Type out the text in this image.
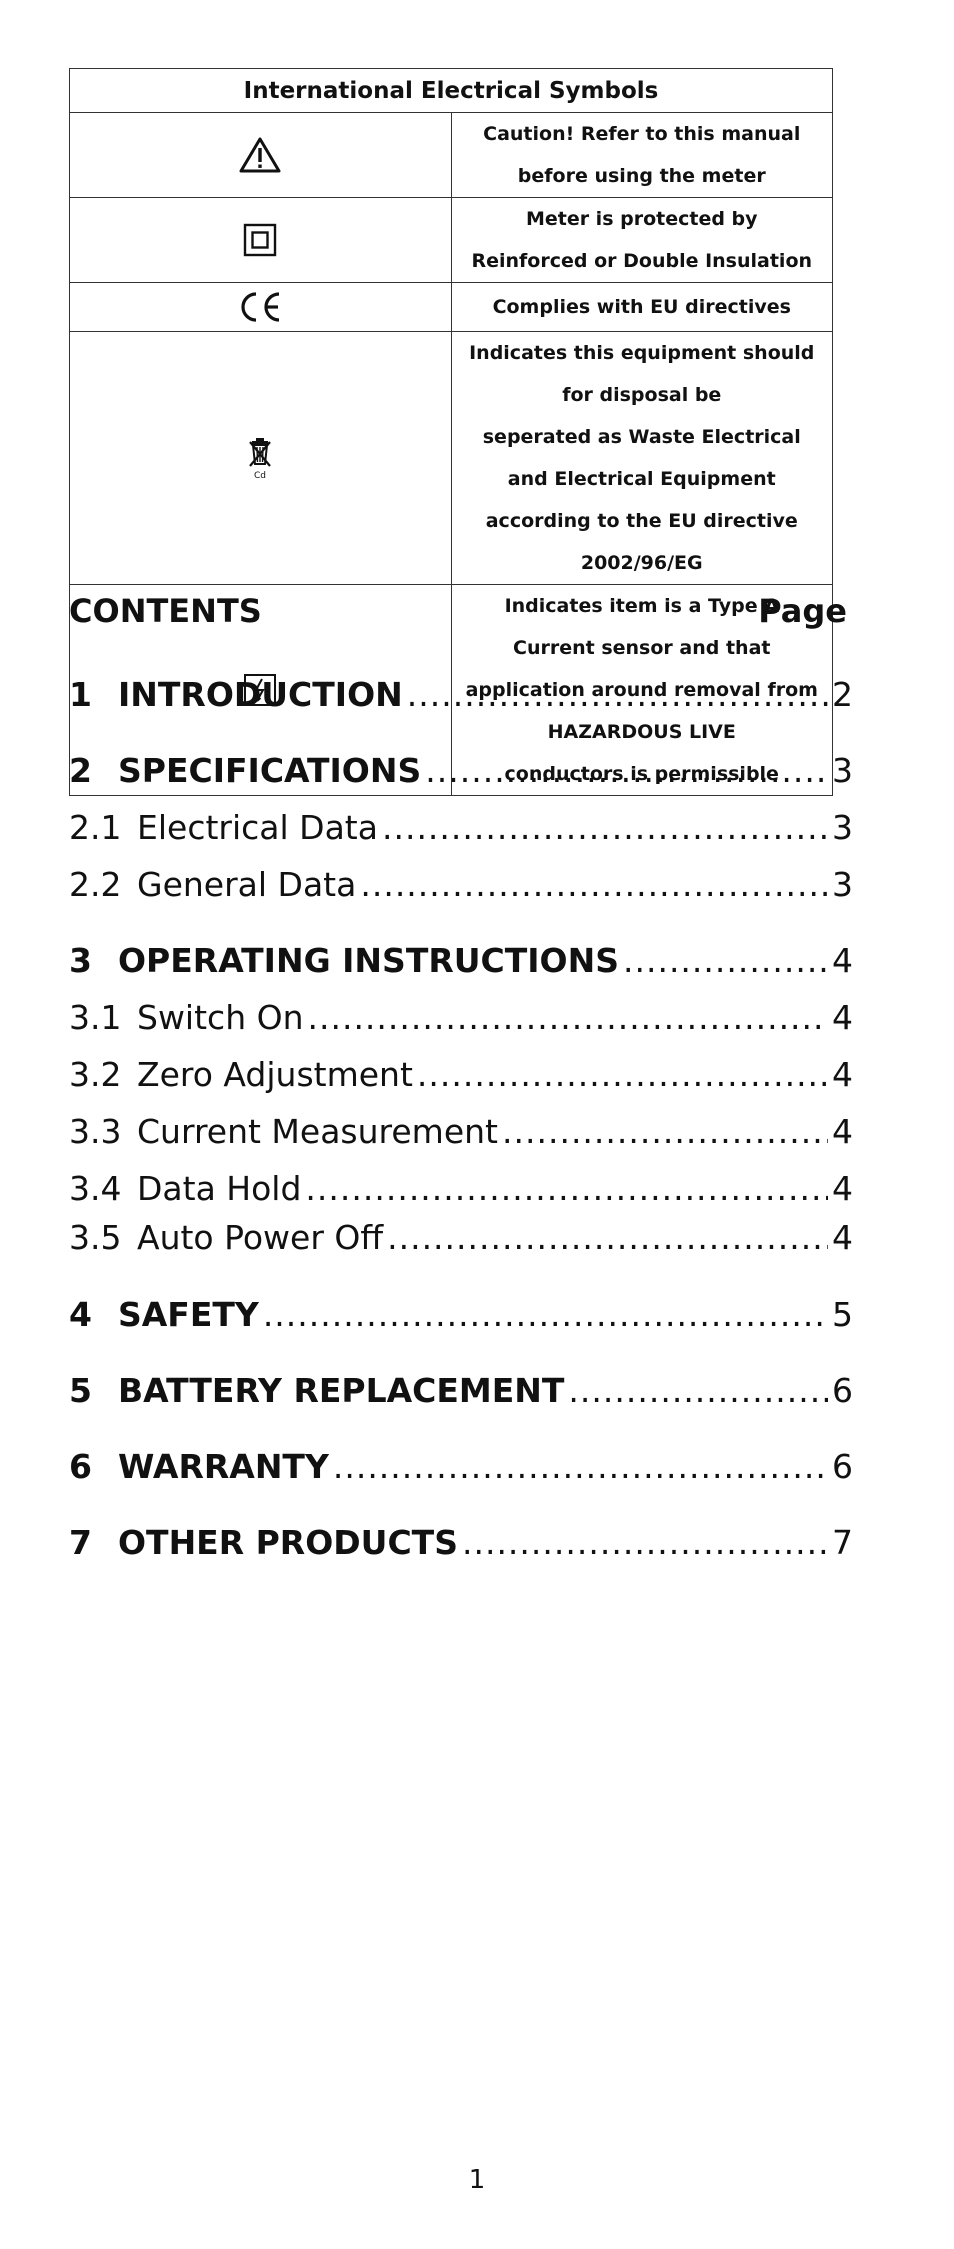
International Electrical Symbols	
	Caution! Refer to this manual before using the meter
	Meter is protected by Reinforced or Double Insulation
	Complies with EU directives

Cd	Indicates this equipment should for disposal be
seperated as Waste Electrical and Electrical Equipment
according to the EU directive 2002/96/EG

Indicates item is a Type A Current sensor and that
application around removal from HAZARDOUS LIVE
conductors is permissible
CONTENTS	Page
1 INTRODUCTION .....	2
2 SPECIFICATIONS .....	3
2.1 Electrical Data .....	3
2.2 General Data .....	3
3 OPERATING INSTRUCTIONS .....	4
3.1 Switch On .....	4
3.2 Zero Adjustment .....	4
3.3 Current Measurement .....	4
3.4 Data Hold .....	4
3.5 Auto Power Off .....	4
4 SAFETY .....	5
5 BATTERY REPLACEMENT .....	6
6 WARRANTY .....	6
7 OTHER PRODUCTS .....	7
1
